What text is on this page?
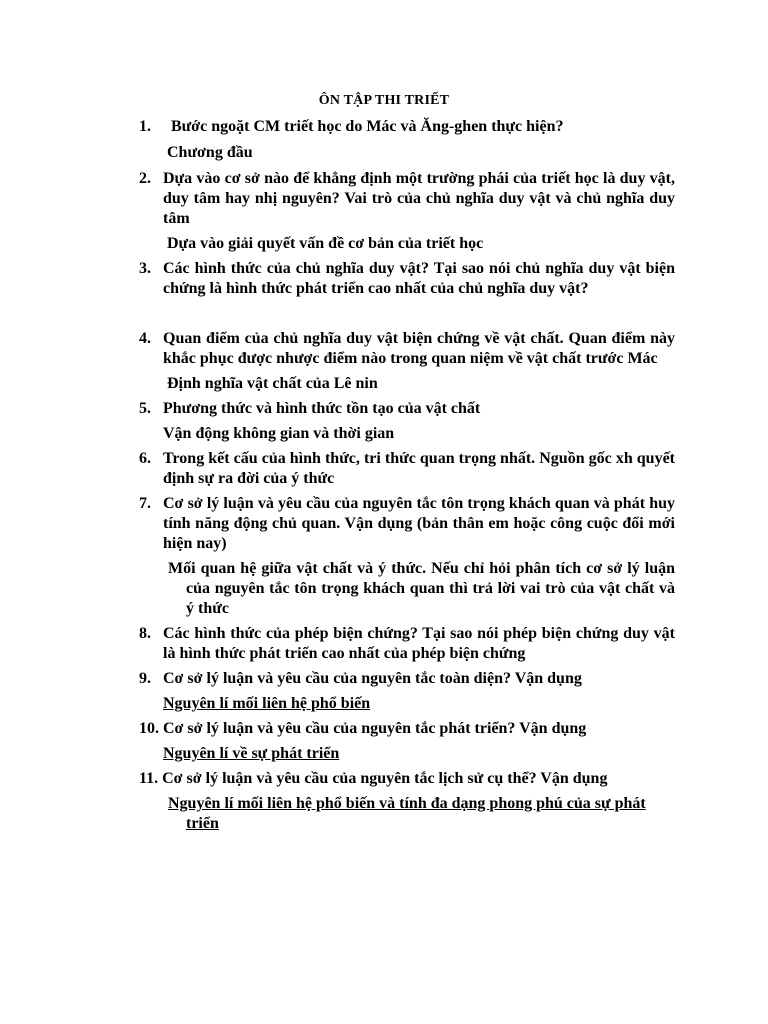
ÔN TẬP THI TRIẾT
1. Bước ngoặt CM triết học do Mác và Ăng-ghen thực hiện?
Chương đầu
2. Dựa vào cơ sở nào để khẳng định một trường phái của triết học là duy vật, duy tâm hay nhị nguyên? Vai trò của chủ nghĩa duy vật và chủ nghĩa duy tâm
Dựa vào giải quyết vấn đề cơ bản của triết học
3. Các hình thức của chủ nghĩa duy vật? Tại sao nói chủ nghĩa duy vật biện chứng là hình thức phát triển cao nhất của chủ nghĩa duy vật?
4. Quan điểm của chủ nghĩa duy vật biện chứng về vật chất. Quan điểm này khắc phục được nhược điểm nào trong quan niệm về vật chất trước Mác
Định nghĩa vật chất của Lê nin
5. Phương thức và hình thức tồn tạo của vật chất
Vận động không gian và thời gian
6. Trong kết cấu của hình thức, tri thức quan trọng nhất. Nguồn gốc xh quyết định sự ra đời của ý thức
7. Cơ sở lý luận và yêu cầu của nguyên tắc tôn trọng khách quan và phát huy tính năng động chủ quan. Vận dụng (bản thân em hoặc công cuộc đổi mới hiện nay)
Mối quan hệ giữa vật chất và ý thức. Nếu chỉ hỏi phân tích cơ sở lý luận của nguyên tắc tôn trọng khách quan thì trả lời vai trò của vật chất và ý thức
8. Các hình thức của phép biện chứng? Tại sao nói phép biện chứng duy vật là hình thức phát triển cao nhất của phép biện chứng
9. Cơ sở lý luận và yêu cầu của nguyên tắc toàn diện? Vận dụng
Nguyên lí mối liên hệ phổ biến
10. Cơ sở lý luận và yêu cầu của nguyên tắc phát triển? Vận dụng
Nguyên lí về sự phát triển
11. Cơ sở lý luận và yêu cầu của nguyên tắc lịch sử cụ thể? Vận dụng
Nguyên lí mối liên hệ phổ biến và tính đa dạng phong phú của sự phát triển
